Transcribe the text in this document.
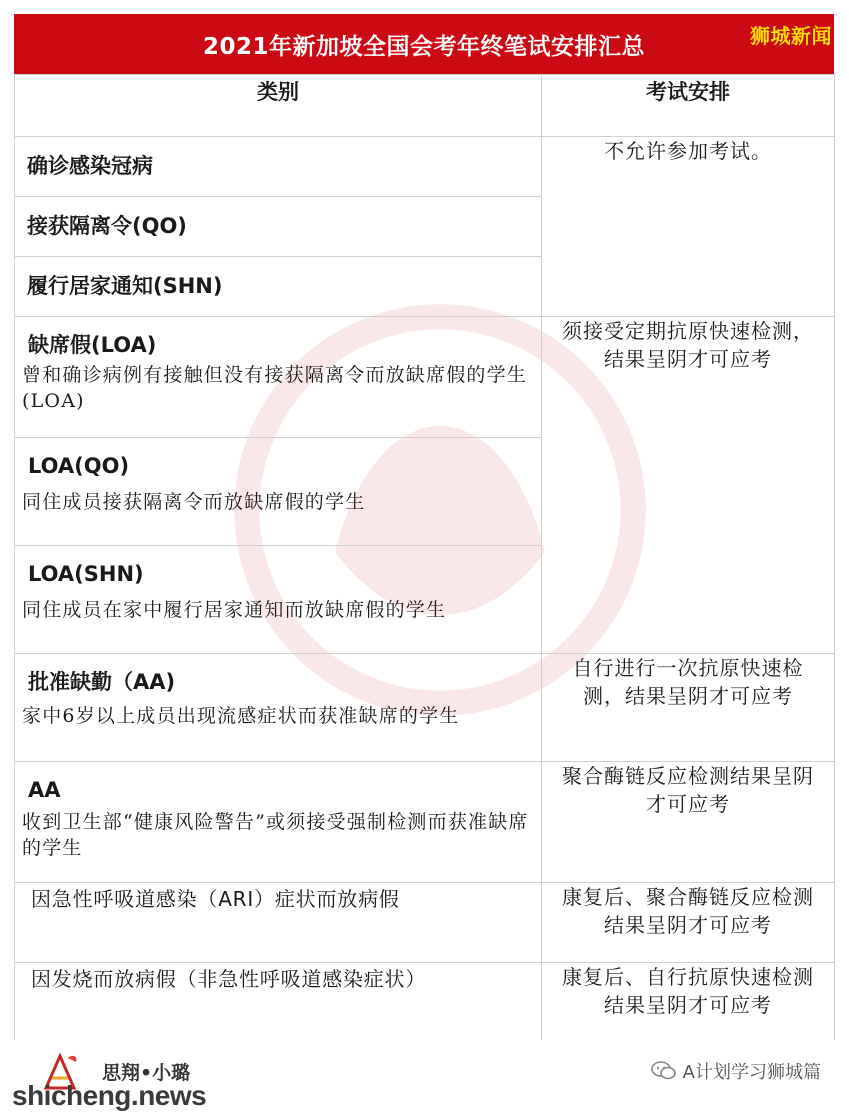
2021年新加坡全国会考年终笔试安排汇总	狮城新闻
类别	考试安排
确诊感染冠病	不允许参加考试。
接获隔离令(QO)	
履行居家通知(SHN)	

缺席假(LOA)
曾和确诊病例有接触但没有接获隔离令而放缺席假的学生(LOA)	须接受定期抗原快速检测，结果呈阴才可应考

LOA(QO)
同住成员接获隔离令而放缺席假的学生	

LOA(SHN)
同住成员在家中履行居家通知而放缺席假的学生	

批准缺勤（AA)
家中6岁以上成员出现流感症状而获准缺席的学生	自行进行一次抗原快速检测，结果呈阴才可应考

AA
收到卫生部“健康风险警告”或须接受强制检测而获准缺席的学生	聚合酶链反应检测结果呈阴才可应考
因急性呼吸道感染（ARI）症状而放病假	康复后、聚合酶链反应检测结果呈阴才可应考
因发烧而放病假（非急性呼吸道感染症状）	康复后、自行抗原快速检测结果呈阴才可应考
思翔•小璐
shicheng.news
A计划学习狮城篇
